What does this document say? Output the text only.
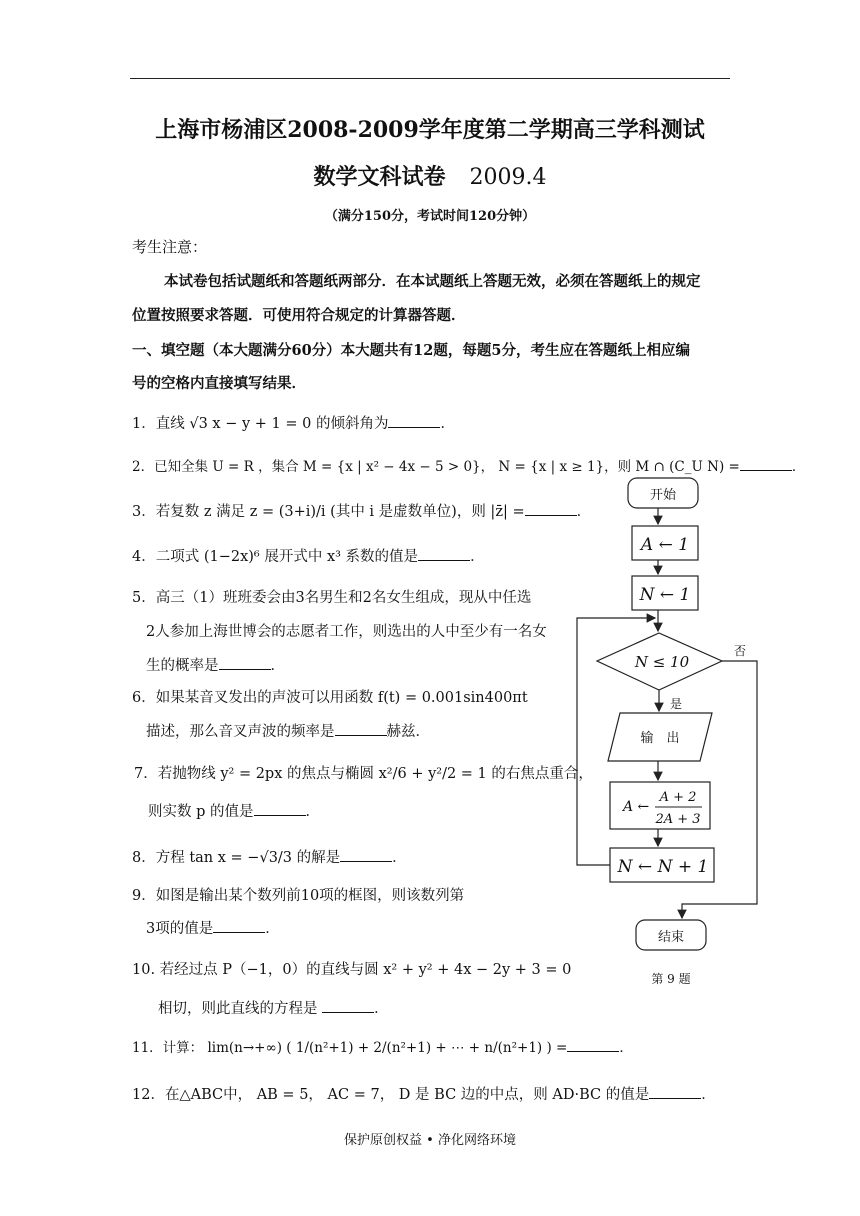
上海市杨浦区2008-2009学年度第二学期高三学科测试
数学文科试卷 2009.4
（满分150分，考试时间120分钟）
考生注意：
本试卷包括试题纸和答题纸两部分．在本试题纸上答题无效，必须在答题纸上的规定
位置按照要求答题．可使用符合规定的计算器答题．
一、填空题（本大题满分60分）本大题共有12题，每题5分，考生应在答题纸上相应编
号的空格内直接填写结果．
1．直线 √3 x − y + 1 = 0 的倾斜角为	．
2．已知全集 U = R ，集合 M = {x | x² − 4x − 5 > 0}， N = {x | x ≥ 1}，则 M ∩ (C_U N) =	．
3．若复数 z 满足 z = (3+i)/i (其中 i 是虚数单位)，则 |z̄| =	．
4．二项式 (1−2x)⁶ 展开式中 x³ 系数的值是	．
5．高三（1）班班委会由3名男生和2名女生组成，现从中任选
2人参加上海世博会的志愿者工作，则选出的人中至少有一名女
生的概率是	．
6．如果某音叉发出的声波可以用函数 f(t) = 0.001sin400πt
描述，那么音叉声波的频率是	赫兹．
7．若抛物线 y² = 2px 的焦点与椭圆 x²/6 + y²/2 = 1 的右焦点重合，
则实数 p 的值是	．
8．方程 tan x = −√3/3 的解是	．
9．如图是输出某个数列前10项的框图，则该数列第
3项的值是	．
10. 若经过点 P（−1，0）的直线与圆 x² + y² + 4x − 2y + 3 = 0
相切，则此直线的方程是	．
11．计算： lim(n→+∞) ( 1/(n²+1) + 2/(n²+1) + ⋯ + n/(n²+1) ) =	．
12．在△ABC中， AB = 5， AC = 7， D 是 BC 边的中点，则 AD·BC 的值是	．
开始
A ← 1
N ← 1
N ≤ 10
否
是
输　出
A ←
A + 2
2A + 3
N ← N + 1
结束
第 9 题
保护原创权益 • 净化网络环境
